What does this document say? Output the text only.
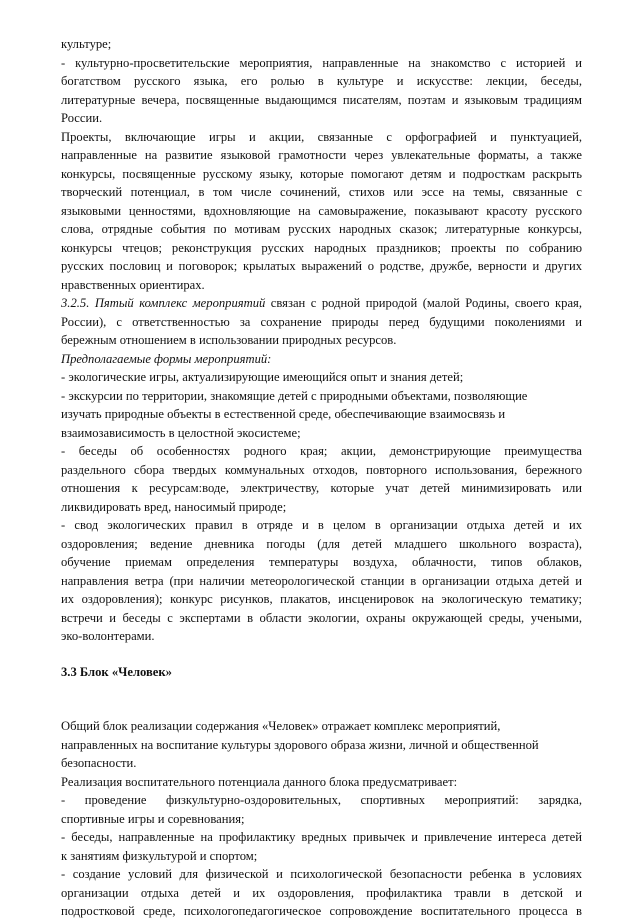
культуре;
- культурно-просветительские мероприятия, направленные на знакомство с историей и
богатством русского языка, его ролью в культуре и искусстве: лекции, беседы,
литературные вечера, посвященные выдающимся писателям, поэтам и языковым традициям
России.
Проекты, включающие игры и акции, связанные с орфографией и пунктуацией,
направленные на развитие языковой грамотности через увлекательные форматы, а также
конкурсы, посвященные русскому языку, которые помогают детям и подросткам раскрыть
творческий потенциал, в том числе сочинений, стихов или эссе на темы, связанные с
языковыми ценностями, вдохновляющие на самовыражение, показывают красоту русского
слова, отрядные события по мотивам русских народных сказок; литературные конкурсы,
конкурсы чтецов; реконструкция русских народных праздников; проекты по собранию
русских пословиц и поговорок; крылатых выражений о родстве, дружбе, верности и других
нравственных ориентирах.
3.2.5. Пятый комплекс мероприятий связан с родной природой (малой Родины, своего края,
России), с ответственностью за сохранение природы перед будущими поколениями и
бережным отношением в использовании природных ресурсов.
Предполагаемые формы мероприятий:
- экологические игры, актуализирующие имеющийся опыт и знания детей;
- экскурсии по территории, знакомящие детей с природными объектами, позволяющие
изучать природные объекты в естественной среде, обеспечивающие взаимосвязь и
взаимозависимость в целостной экосистеме;
- беседы об особенностях родного края; акции, демонстрирующие преимущества
раздельного сбора твердых коммунальных отходов, повторного использования, бережного
отношения к ресурсам:воде, электричеству, которые учат детей минимизировать или
ликвидировать вред, наносимый природе;
- свод экологических правил в отряде и в целом в организации отдыха детей и их
оздоровления; ведение дневника погоды (для детей младшего школьного возраста),
обучение приемам определения температуры воздуха, облачности, типов облаков,
направления ветра (при наличии метеорологической станции в организации отдыха детей и
их оздоровления); конкурс рисунков, плакатов, инсценировок на экологическую тематику;
встречи и беседы с экспертами в области экологии, охраны окружающей среды, учеными,
эко-волонтерами.
3.3 Блок «Человек»
Общий блок реализации содержания «Человек» отражает комплекс мероприятий,
направленных на воспитание культуры здорового образа жизни, личной и общественной
безопасности.
Реализация воспитательного потенциала данного блока предусматривает:
- проведение физкультурно-оздоровительных, спортивных мероприятий: зарядка,
спортивные игры и соревнования;
- беседы, направленные на профилактику вредных привычек и привлечение интереса детей
к занятиям физкультурой и спортом;
- создание условий для физической и психологической безопасности ребенка в условиях
организации отдыха детей и их оздоровления, профилактика травли в детской и
подростковой среде, психологопедагогическое сопровождение воспитательного процесса в
